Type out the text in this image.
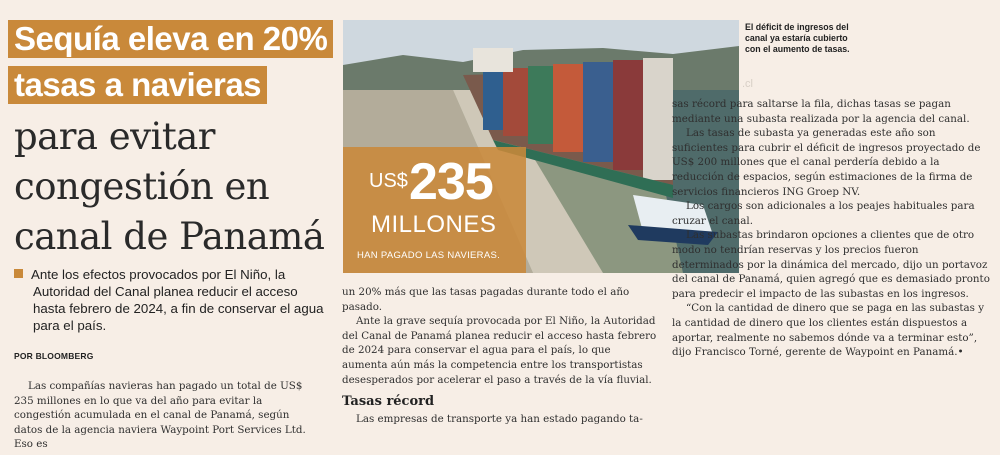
Sequía eleva en 20%
tasas a navieras
para evitar
congestión en
canal de Panamá

Ante los efectos provocados por El Niño, la Autoridad del Canal planea reducir el acceso hasta febrero de 2024, a fin de conservar el agua para el país.

POR BLOOMBERG

Las compañías navieras han pagado un total de US$ 235 millones en lo que va del año para evitar la congestión acumulada en el canal de Panamá, según datos de la agencia naviera Waypoint Port Services Ltd. Eso es

US$ 235
MILLONES
HAN PAGADO LAS NAVIERAS.
El déficit de ingresos del canal ya estaría cubierto con el aumento de tasas.
.cl

un 20% más que las tasas pagadas durante todo el año pasado.

Ante la grave sequía provocada por El Niño, la Autoridad del Canal de Panamá planea reducir el acceso hasta febrero de 2024 para conservar el agua para el país, lo que aumenta aún más la competencia entre los transportistas desesperados por acelerar el paso a través de la vía fluvial.

Tasas récord

Las empresas de transporte ya han estado pagando ta-

sas récord para saltarse la fila, dichas tasas se pagan mediante una subasta realizada por la agencia del canal.

Las tasas de subasta ya generadas este año son suficientes para cubrir el déficit de ingresos proyectado de US$ 200 millones que el canal perdería debido a la reducción de espacios, según estimaciones de la firma de servicios financieros ING Groep NV.

Los cargos son adicionales a los peajes habituales para cruzar el canal.

Las subastas brindaron opciones a clientes que de otro modo no tendrían reservas y los precios fueron determinados por la dinámica del mercado, dijo un portavoz del canal de Panamá, quien agregó que es demasiado pronto para predecir el impacto de las subastas en los ingresos.

“Con la cantidad de dinero que se paga en las subastas y la cantidad de dinero que los clientes están dispuestos a aportar, realmente no sabemos dónde va a terminar esto”, dijo Francisco Torné, gerente de Waypoint en Panamá.•
